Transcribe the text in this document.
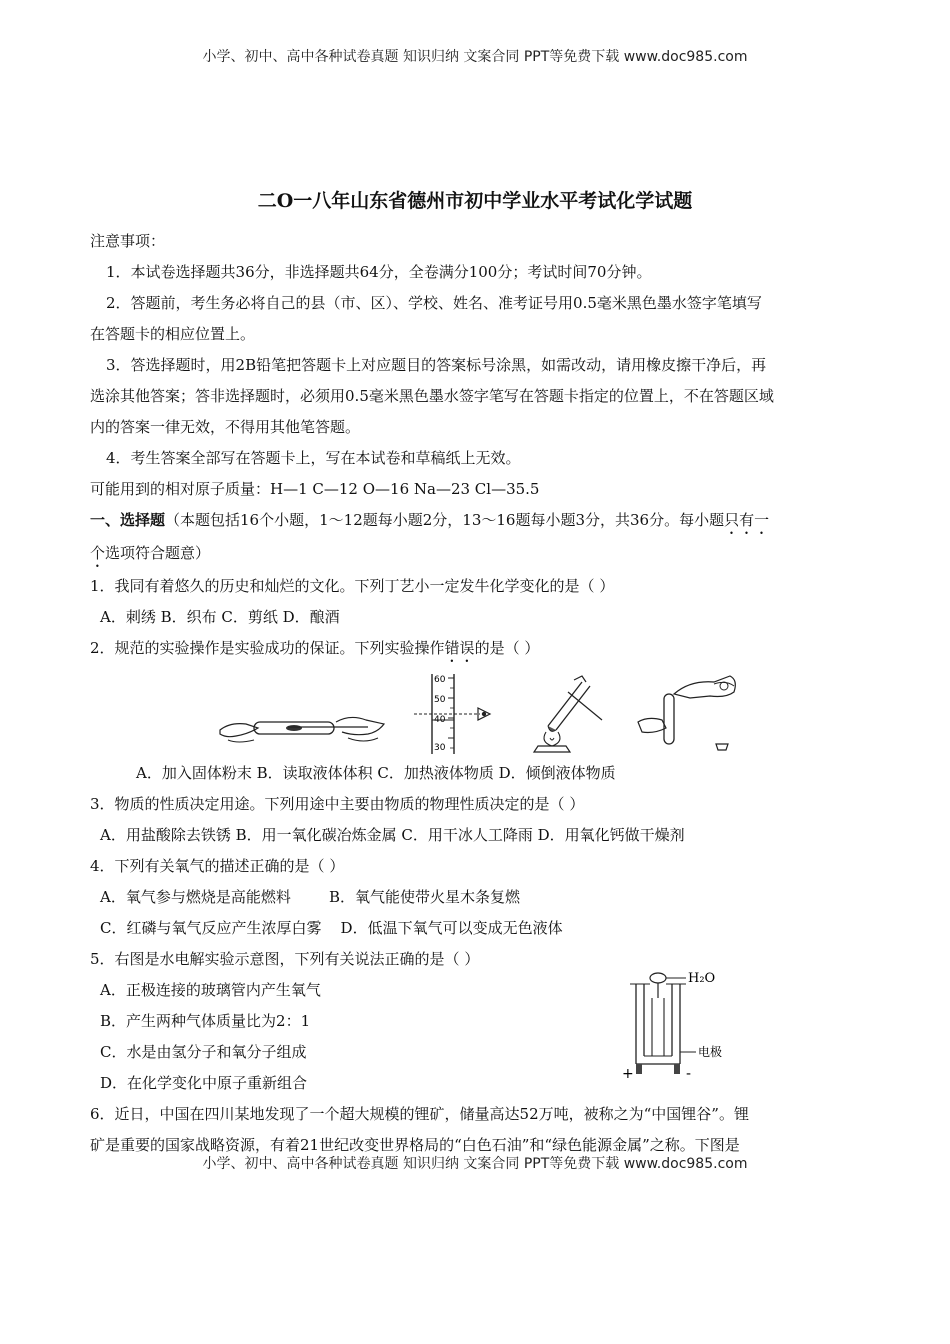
小学、初中、高中各种试卷真题 知识归纳 文案合同 PPT等免费下载 www.doc985.com
二O一八年山东省德州市初中学业水平考试化学试题
注意事项：
1．本试卷选择题共36分，非选择题共64分，全卷满分100分；考试时间70分钟。
2．答题前，考生务必将自己的县（市、区）、学校、姓名、准考证号用0.5毫米黑色墨水签字笔填写
在答题卡的相应位置上。
3．答选择题时，用2B铅笔把答题卡上对应题目的答案标号涂黑，如需改动，请用橡皮擦干净后，再
选涂其他答案；答非选择题时，必须用0.5毫米黑色墨水签字笔写在答题卡指定的位置上，不在答题区域
内的答案一律无效，不得用其他笔答题。
4．考生答案全部写在答题卡上，写在本试卷和草稿纸上无效。
可能用到的相对原子质量：H—1 C—12 O—16 Na—23 Cl—35.5
一、选择题（本题包括16个小题，1～12题每小题2分，13～16题每小题3分，共36分。每小题只有一
个选项符合题意）
1．我同有着悠久的历史和灿烂的文化。下列丁艺小一定发牛化学变化的是（ ）
A．刺绣 B．织布 C．剪纸 D．酿酒
2．规范的实验操作是实验成功的保证。下列实验操作错误的是（ ）
60
50
40
30
A．加入固体粉末 B．读取液体体积 C．加热液体物质 D．倾倒液体物质
3．物质的性质决定用途。下列用途中主要由物质的物理性质决定的是（ ）
A．用盐酸除去铁锈 B．用一氧化碳冶炼金属 C．用干冰人工降雨 D．用氧化钙做干燥剂
4．下列有关氧气的描述正确的是（ ）
A．氧气参与燃烧是高能燃料        B．氧气能使带火星木条复燃
C．红磷与氧气反应产生浓厚白雾    D．低温下氧气可以变成无色液体
5．右图是水电解实验示意图，下列有关说法正确的是（ ）
A．正极连接的玻璃管内产生氧气
B．产生两种气体质量比为2：1
C．水是由氢分子和氧分子组成
D．在化学变化中原子重新组合
H₂O
电极
+	-
6．近日，中国在四川某地发现了一个超大规模的锂矿，储量高达52万吨，被称之为“中国锂谷”。锂
矿是重要的国家战略资源，有着21世纪改变世界格局的“白色石油”和“绿色能源金属”之称。下图是
小学、初中、高中各种试卷真题 知识归纳 文案合同 PPT等免费下载 www.doc985.com
